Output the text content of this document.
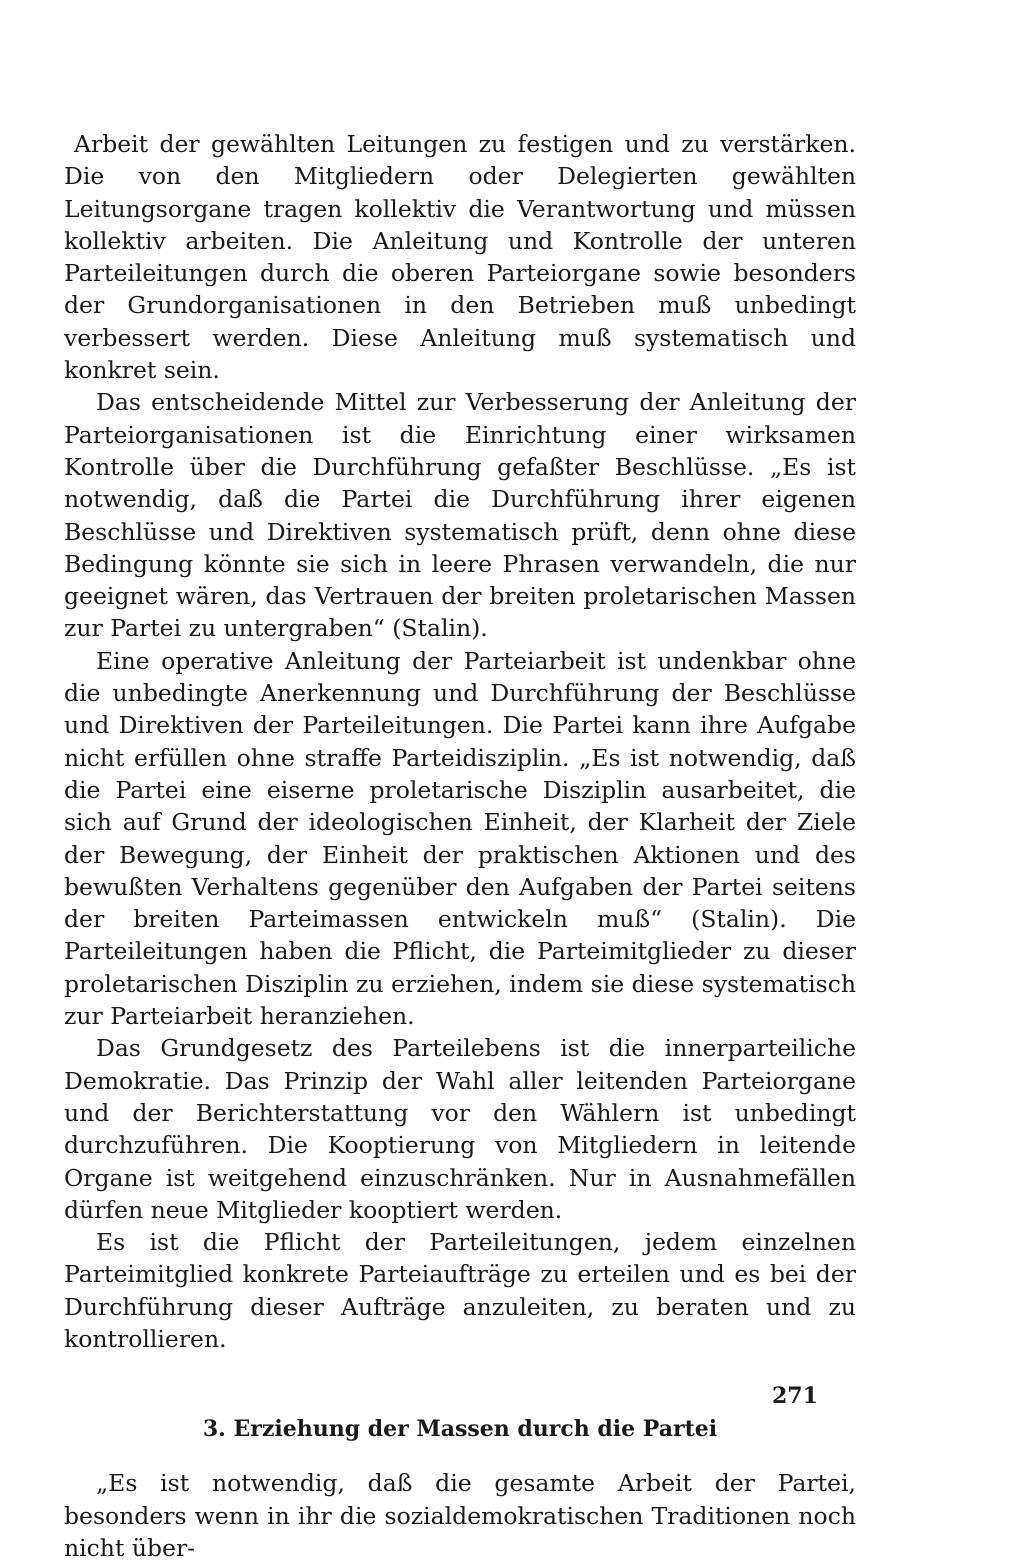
Arbeit der gewählten Leitungen zu festigen und zu verstärken. Die von den Mitgliedern oder Delegierten gewählten Leitungsorgane tragen kollektiv die Verantwortung und müssen kollektiv arbeiten. Die Anleitung und Kontrolle der unteren Parteileitungen durch die oberen Parteiorgane sowie besonders der Grundorganisationen in den Betrieben muß unbedingt verbessert werden. Diese Anleitung muß systematisch und konkret sein.

Das entscheidende Mittel zur Verbesserung der Anleitung der Parteiorganisationen ist die Einrichtung einer wirksamen Kontrolle über die Durchführung gefaßter Beschlüsse. „Es ist notwendig, daß die Partei die Durchführung ihrer eigenen Beschlüsse und Direktiven systematisch prüft, denn ohne diese Bedingung könnte sie sich in leere Phrasen verwandeln, die nur geeignet wären, das Vertrauen der breiten proletarischen Massen zur Partei zu untergraben“ (Stalin).

Eine operative Anleitung der Parteiarbeit ist undenkbar ohne die unbedingte Anerkennung und Durchführung der Beschlüsse und Direktiven der Parteileitungen. Die Partei kann ihre Aufgabe nicht erfüllen ohne straffe Parteidisziplin. „Es ist notwendig, daß die Partei eine eiserne proletarische Disziplin ausarbeitet, die sich auf Grund der ideologischen Einheit, der Klarheit der Ziele der Bewegung, der Einheit der praktischen Aktionen und des bewußten Verhaltens gegenüber den Aufgaben der Partei seitens der breiten Parteimassen entwickeln muß“ (Stalin). Die Parteileitungen haben die Pflicht, die Parteimitglieder zu dieser proletarischen Disziplin zu erziehen, indem sie diese systematisch zur Parteiarbeit heranziehen.

Das Grundgesetz des Parteilebens ist die innerparteiliche Demokratie. Das Prinzip der Wahl aller leitenden Parteiorgane und der Berichterstattung vor den Wählern ist unbedingt durchzuführen. Die Kooptierung von Mitgliedern in leitende Organe ist weitgehend einzuschränken. Nur in Ausnahmefällen dürfen neue Mitglieder kooptiert werden.

Es ist die Pflicht der Parteileitungen, jedem einzelnen Parteimitglied konkrete Parteiaufträge zu erteilen und es bei der Durchführung dieser Aufträge anzuleiten, zu beraten und zu kontrollieren.

3. Erziehung der Massen durch die Partei

„Es ist notwendig, daß die gesamte Arbeit der Partei, besonders wenn in ihr die sozialdemokratischen Traditionen noch nicht über-

271
